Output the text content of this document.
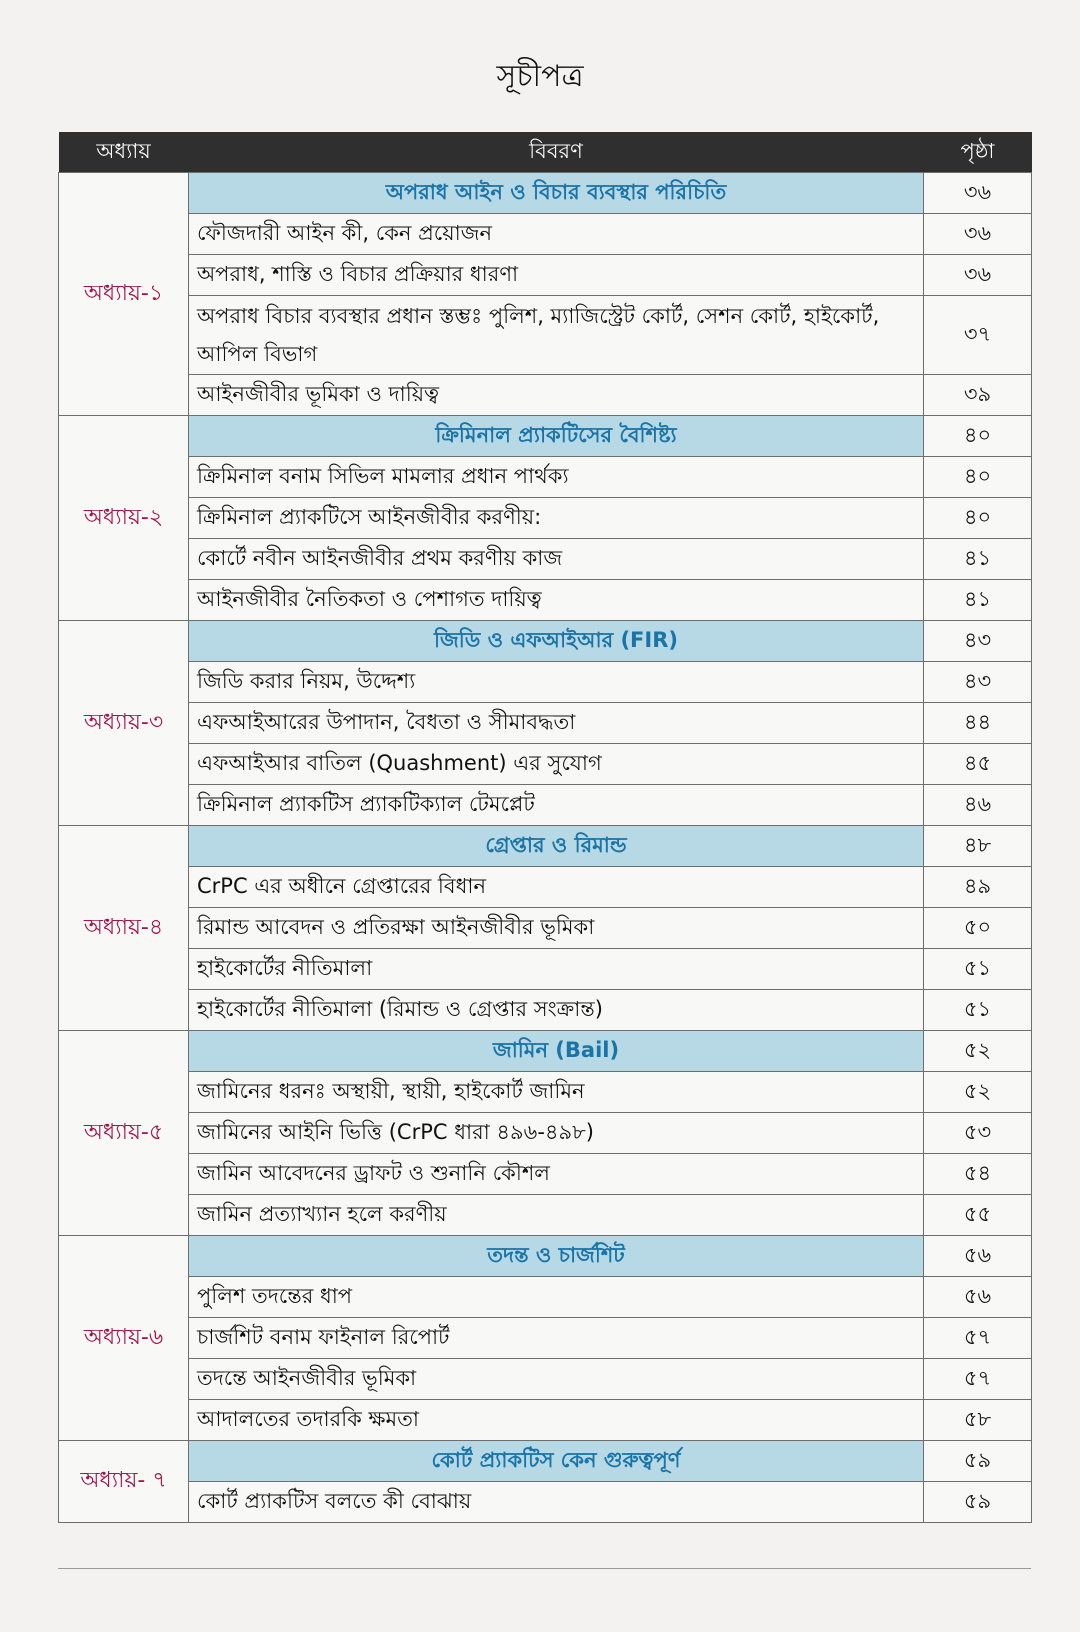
সূচীপত্র
অধ্যায়	বিবরণ	পৃষ্ঠা
অধ্যায়-১	অপরাধ আইন ও বিচার ব্যবস্থার পরিচিতি	৩৬
	ফৌজদারী আইন কী, কেন প্রয়োজন	৩৬
	অপরাধ, শাস্তি ও বিচার প্রক্রিয়ার ধারণা	৩৬
	অপরাধ বিচার ব্যবস্থার প্রধান স্তম্ভঃ পুলিশ, ম্যাজিস্ট্রেট কোর্ট, সেশন কোর্ট, হাইকোর্ট, আপিল বিভাগ	৩৭
	আইনজীবীর ভূমিকা ও দায়িত্ব	৩৯
অধ্যায়-২	ক্রিমিনাল প্র্যাকটিসের বৈশিষ্ট্য	৪০
	ক্রিমিনাল বনাম সিভিল মামলার প্রধান পার্থক্য	৪০
	ক্রিমিনাল প্র্যাকটিসে আইনজীবীর করণীয়:	৪০
	কোর্টে নবীন আইনজীবীর প্রথম করণীয় কাজ	৪১
	আইনজীবীর নৈতিকতা ও পেশাগত দায়িত্ব	৪১
অধ্যায়-৩	জিডি ও এফআইআর (FIR)	৪৩
	জিডি করার নিয়ম, উদ্দেশ্য	৪৩
	এফআইআরের উপাদান, বৈধতা ও সীমাবদ্ধতা	৪৪
	এফআইআর বাতিল (Quashment) এর সুযোগ	৪৫
	ক্রিমিনাল প্র্যাকটিস প্র্যাকটিক্যাল টেমপ্লেট	৪৬
অধ্যায়-৪	গ্রেপ্তার ও রিমান্ড	৪৮
	CrPC এর অধীনে গ্রেপ্তারের বিধান	৪৯
	রিমান্ড আবেদন ও প্রতিরক্ষা আইনজীবীর ভূমিকা	৫০
	হাইকোর্টের নীতিমালা	৫১
	হাইকোর্টের নীতিমালা (রিমান্ড ও গ্রেপ্তার সংক্রান্ত)	৫১
অধ্যায়-৫	জামিন (Bail)	৫২
	জামিনের ধরনঃ অস্থায়ী, স্থায়ী, হাইকোর্ট জামিন	৫২
	জামিনের আইনি ভিত্তি (CrPC ধারা ৪৯৬-৪৯৮)	৫৩
	জামিন আবেদনের ড্রাফট ও শুনানি কৌশল	৫৪
	জামিন প্রত্যাখ্যান হলে করণীয়	৫৫
অধ্যায়-৬	তদন্ত ও চার্জশিট	৫৬
	পুলিশ তদন্তের ধাপ	৫৬
	চার্জশিট বনাম ফাইনাল রিপোর্ট	৫৭
	তদন্তে আইনজীবীর ভূমিকা	৫৭
	আদালতের তদারকি ক্ষমতা	৫৮
অধ্যায়- ৭	কোর্ট প্র্যাকটিস কেন গুরুত্বপূর্ণ	৫৯
	কোর্ট প্র্যাকটিস বলতে কী বোঝায়	৫৯
